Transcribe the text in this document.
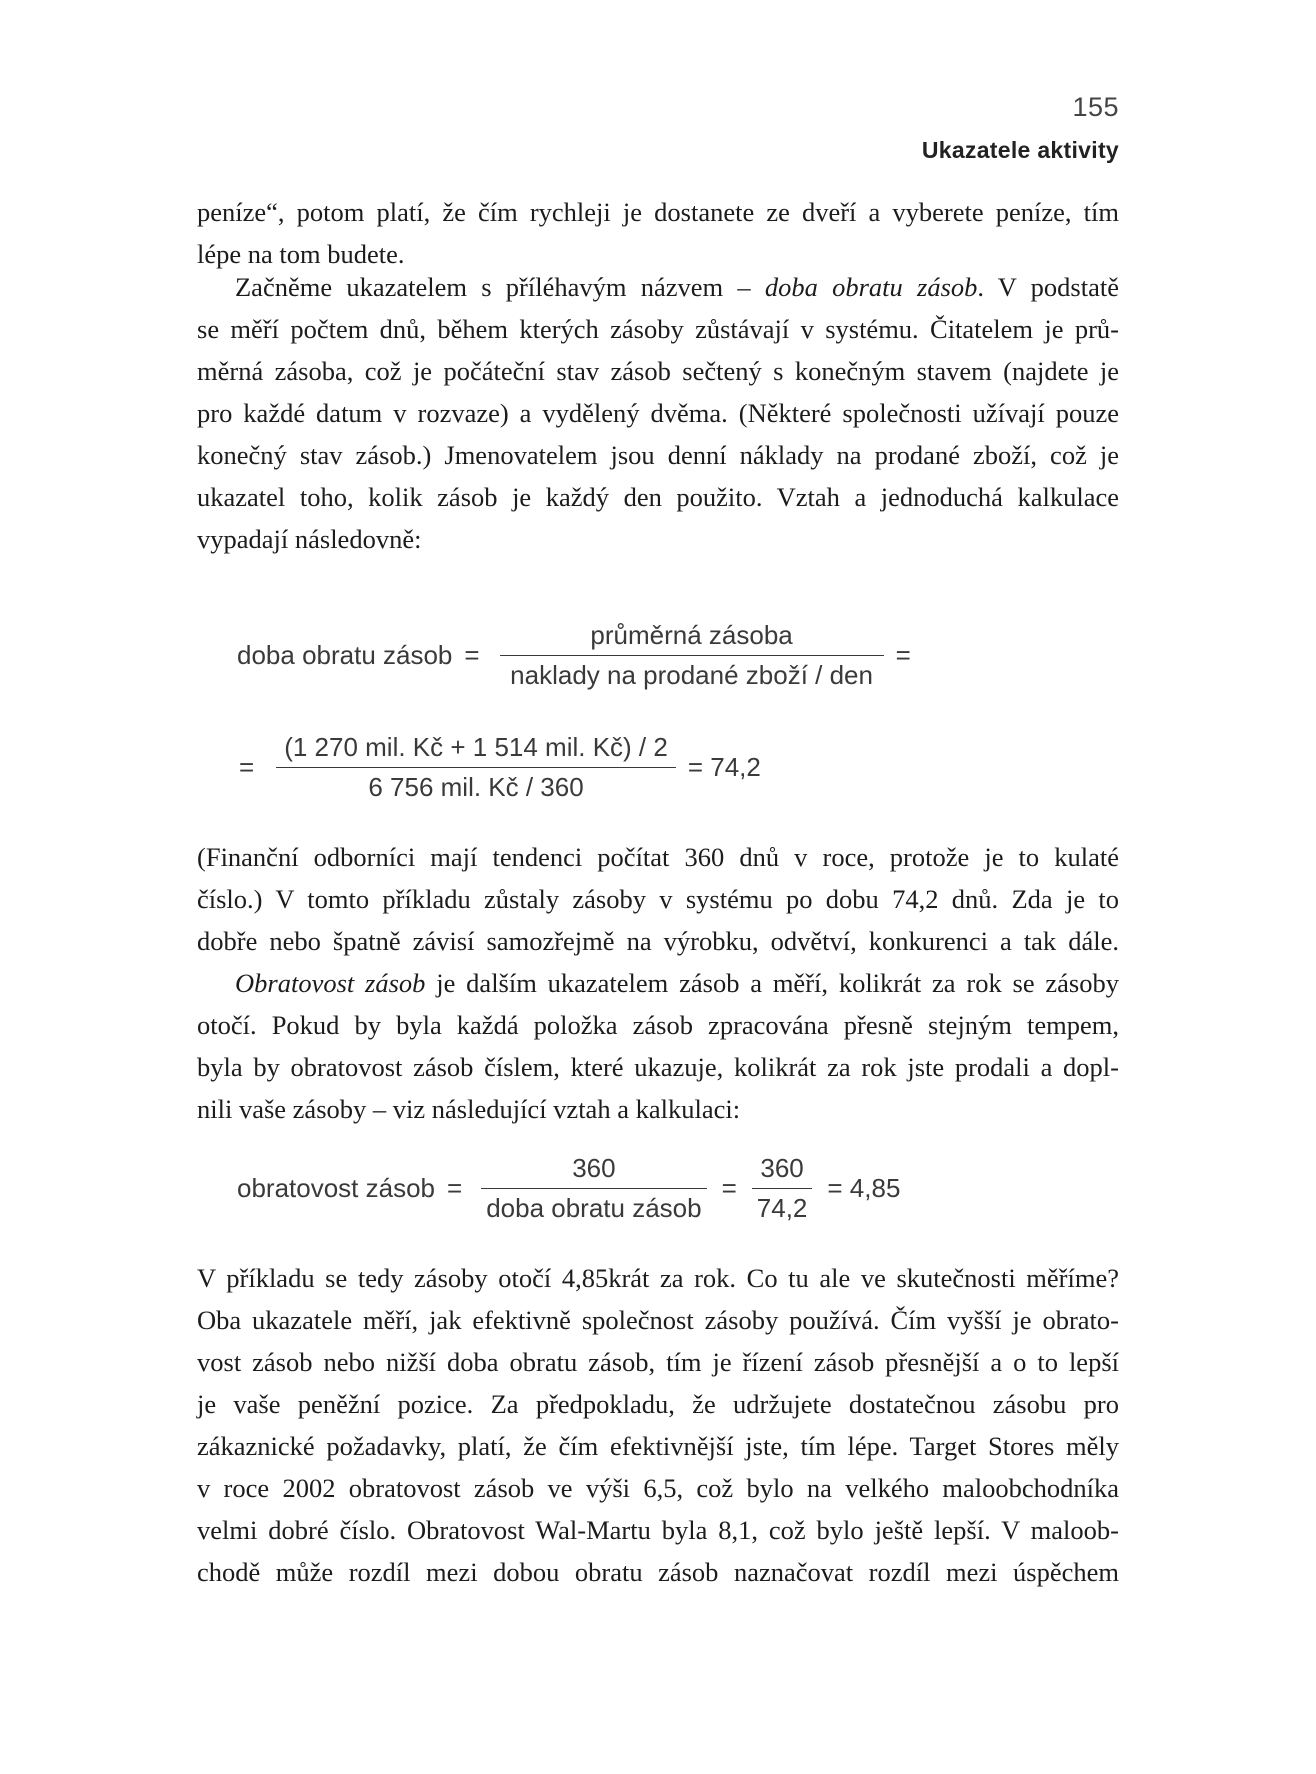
155
Ukazatele aktivity
peníze“, potom platí, že čím rychleji je dostanete ze dveří a vyberete peníze, tím
lépe na tom budete.
Začněme ukazatelem s příléhavým názvem – doba obratu zásob. V podstatě
se měří počtem dnů, během kterých zásoby zůstávají v systému. Čitatelem je prů-
měrná zásoba, což je počáteční stav zásob sečtený s konečným stavem (najdete je
pro každé datum v rozvaze) a vydělený dvěma. (Některé společnosti užívají pouze
konečný stav zásob.) Jmenovatelem jsou denní náklady na prodané zboží, což je
ukazatel toho, kolik zásob je každý den použito. Vztah a jednoduchá kalkulace
vypadají následovně:
doba obratu zásob = $\frac{\text{průměrná zásoba}}{\text{naklady na prodané zboží / den}}$ =
= $\frac{\text{(1 270 mil. Kč + 1 514 mil. Kč) / 2}}{\text{6 756 mil. Kč / 360}} = 74,2$
(Finanční odborníci mají tendenci počítat 360 dnů v roce, protože je to kulaté
číslo.) V tomto příkladu zůstaly zásoby v systému po dobu 74,2 dnů. Zda je to
dobře nebo špatně závisí samozřejmě na výrobku, odvětví, konkurenci a tak dále.
Obratovost zásob je dalším ukazatelem zásob a měří, kolikrát za rok se zásoby
otočí. Pokud by byla každá položka zásob zpracována přesně stejným tempem,
byla by obratovost zásob číslem, které ukazuje, kolikrát za rok jste prodali a dopl-
nili vaše zásoby – viz následující vztah a kalkulaci:
obratovost zásob = $\frac{360}{\text{doba obratu zásob}} = \frac{360}{74,2} = 4,85$
V příkladu se tedy zásoby otočí 4,85krát za rok. Co tu ale ve skutečnosti měříme?
Oba ukazatele měří, jak efektivně společnost zásoby používá. Čím vyšší je obrato-
vost zásob nebo nižší doba obratu zásob, tím je řízení zásob přesnější a o to lepší
je vaše peněžní pozice. Za předpokladu, že udržujete dostatečnou zásobu pro
zákaznické požadavky, platí, že čím efektivnější jste, tím lépe. Target Stores měly
v roce 2002 obratovost zásob ve výši 6,5, což bylo na velkého maloobchodníka
velmi dobré číslo. Obratovost Wal-Martu byla 8,1, což bylo ještě lepší. V maloob-
chodě může rozdíl mezi dobou obratu zásob naznačovat rozdíl mezi úspěchem
